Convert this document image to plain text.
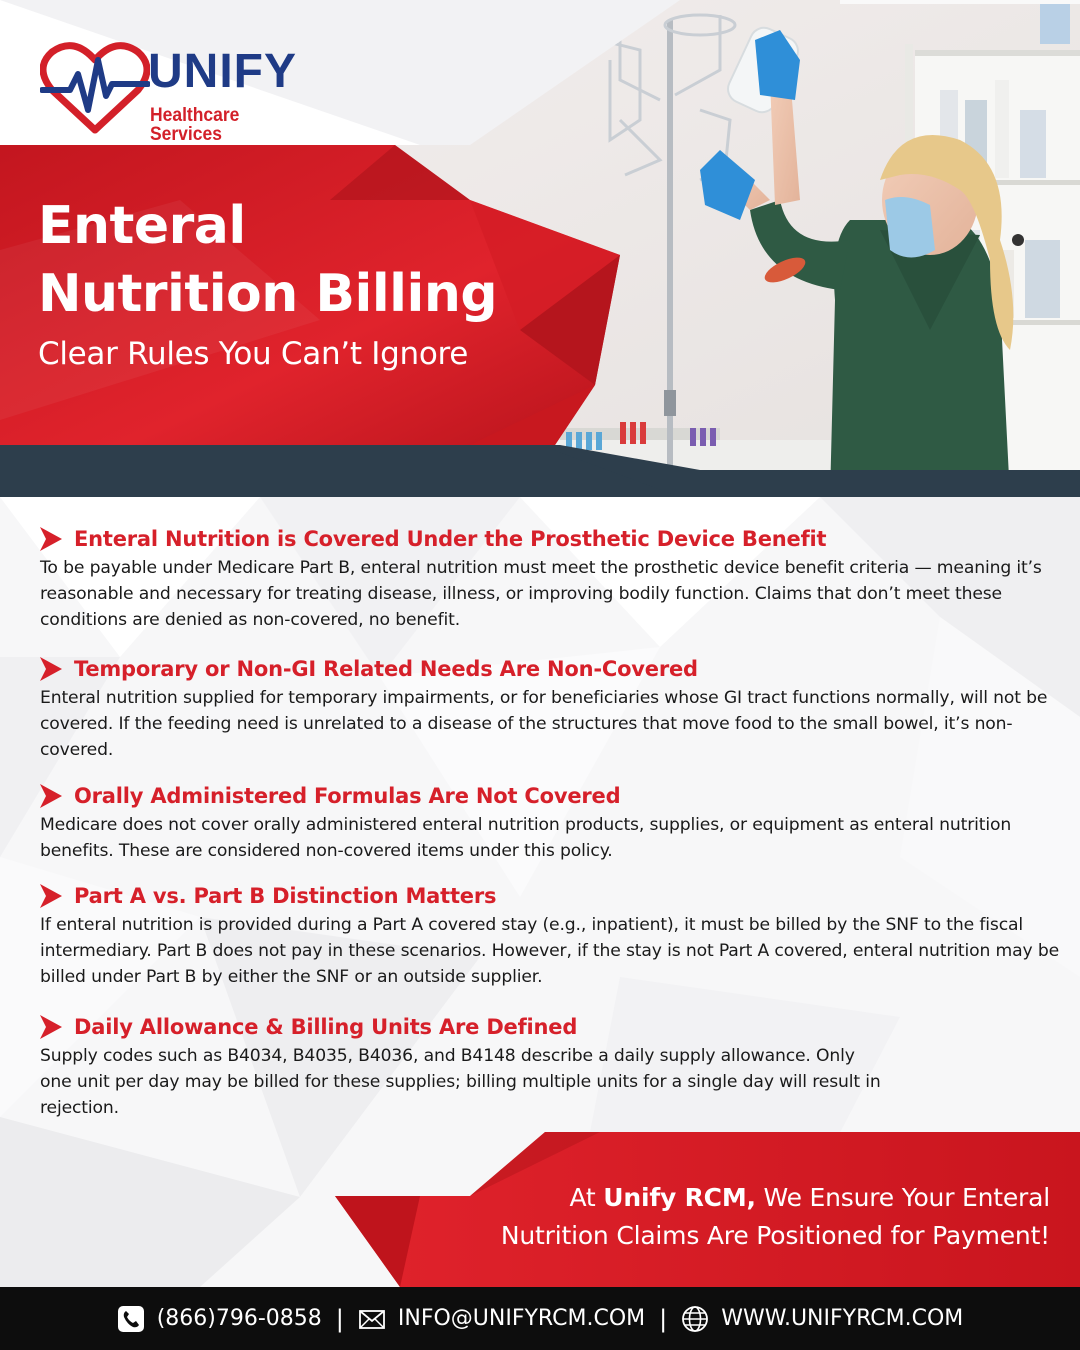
UNIFY
Healthcare Services
Enteral
Nutrition Billing
Clear Rules You Can’t Ignore
Enteral Nutrition is Covered Under the Prosthetic Device Benefit
To be payable under Medicare Part B, enteral nutrition must meet the prosthetic device benefit criteria — meaning it’s reasonable and necessary for treating disease, illness, or improving bodily function. Claims that don’t meet these conditions are denied as non-covered, no benefit.
Temporary or Non-GI Related Needs Are Non-Covered
Enteral nutrition supplied for temporary impairments, or for beneficiaries whose GI tract functions normally, will not be covered. If the feeding need is unrelated to a disease of the structures that move food to the small bowel, it’s non-covered.
Orally Administered Formulas Are Not Covered
Medicare does not cover orally administered enteral nutrition products, supplies, or equipment as enteral nutrition benefits. These are considered non-covered items under this policy.
Part A vs. Part B Distinction Matters
If enteral nutrition is provided during a Part A covered stay (e.g., inpatient), it must be billed by the SNF to the fiscal intermediary. Part B does not pay in these scenarios. However, if the stay is not Part A covered, enteral nutrition may be billed under Part B by either the SNF or an outside supplier.
Daily Allowance & Billing Units Are Defined
Supply codes such as B4034, B4035, B4036, and B4148 describe a daily supply allowance. Only one unit per day may be billed for these supplies; billing multiple units for a single day will result in rejection.
At Unify RCM, We Ensure Your Enteral
Nutrition Claims Are Positioned for Payment!
(866)796-0858 | INFO@UNIFYRCM.COM | WWW.UNIFYRCM.COM
